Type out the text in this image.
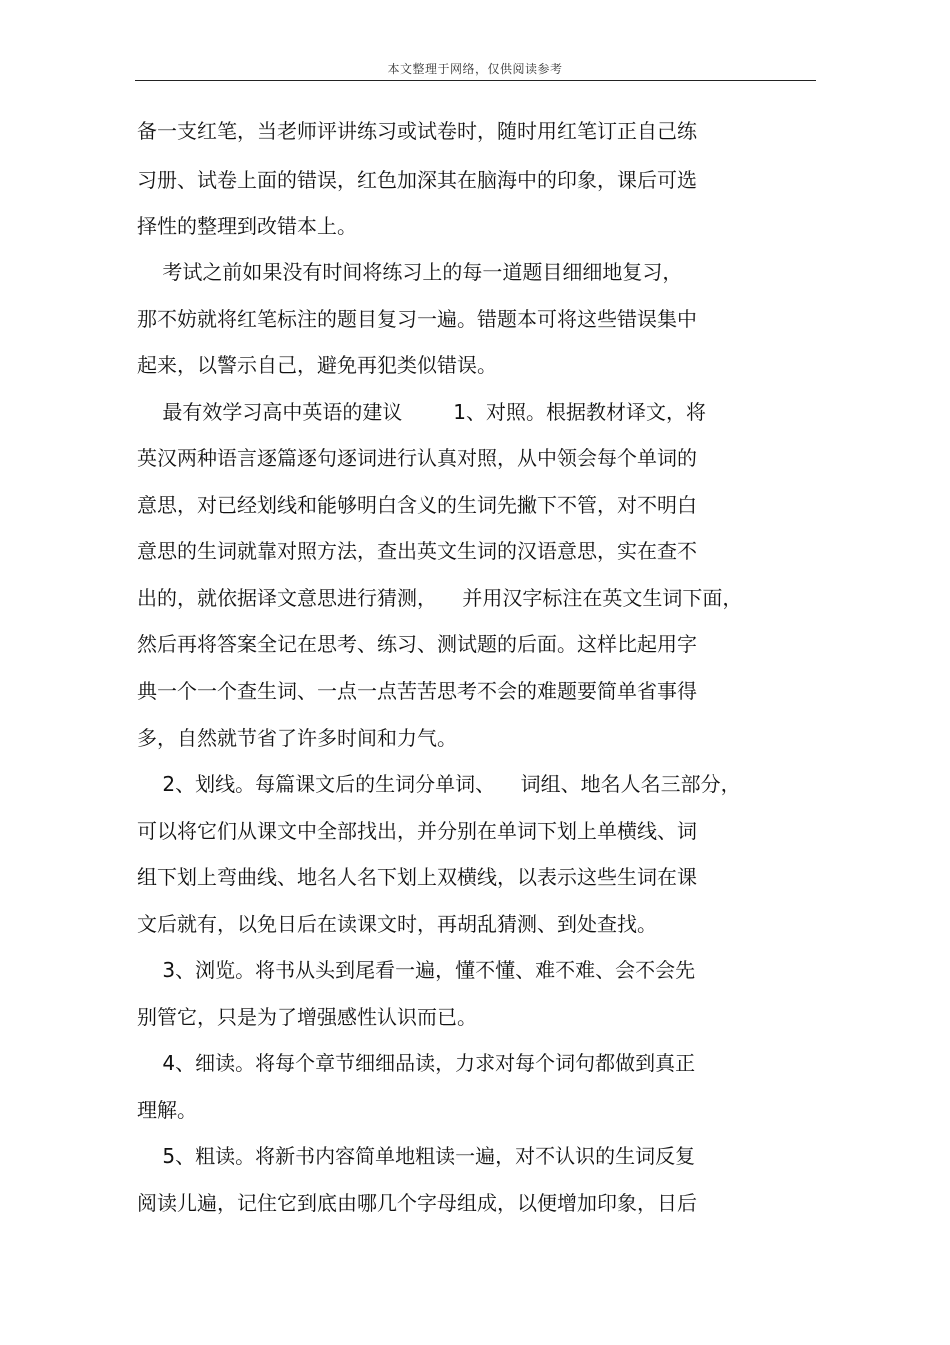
本文整理于网络，仅供阅读参考
备一支红笔，当老师评讲练习或试卷时，随时用红笔订正自己练
习册、试卷上面的错误，红色加深其在脑海中的印象，课后可选
择性的整理到改错本上。
考试之前如果没有时间将练习上的每一道题目细细地复习，
那不妨就将红笔标注的题目复习一遍。错题本可将这些错误集中
起来，以警示自己，避免再犯类似错误。
最有效学习高中英语的建议        1、对照。根据教材译文，将
英汉两种语言逐篇逐句逐词进行认真对照，从中领会每个单词的
意思，对已经划线和能够明白含义的生词先撇下不管，对不明白
意思的生词就靠对照方法，查出英文生词的汉语意思，实在查不
出的，就依据译文意思进行猜测，    并用汉字标注在英文生词下面，
然后再将答案全记在思考、练习、测试题的后面。这样比起用字
典一个一个查生词、一点一点苦苦思考不会的难题要简单省事得
多，自然就节省了许多时间和力气。
2、划线。每篇课文后的生词分单词、    词组、地名人名三部分，
可以将它们从课文中全部找出，并分别在单词下划上单横线、词
组下划上弯曲线、地名人名下划上双横线，以表示这些生词在课
文后就有，以免日后在读课文时，再胡乱猜测、到处查找。
3、浏览。将书从头到尾看一遍，懂不懂、难不难、会不会先
别管它，只是为了增强感性认识而已。
4、细读。将每个章节细细品读，力求对每个词句都做到真正
理解。
5、粗读。将新书内容简单地粗读一遍，对不认识的生词反复
阅读儿遍，记住它到底由哪几个字母组成，以便增加印象，日后
